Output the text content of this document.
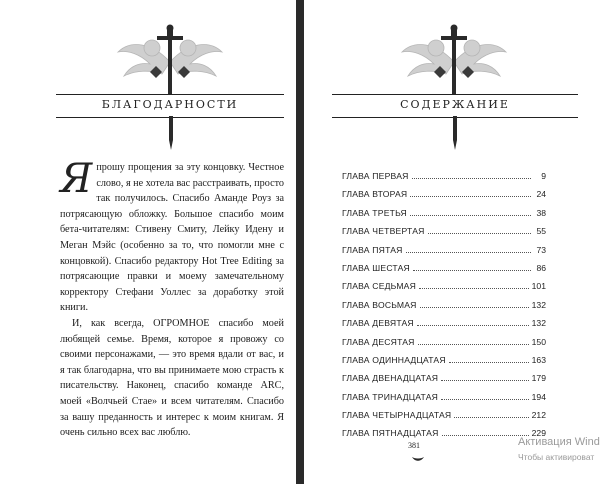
БЛАГОДАРНОСТИ

Япрошу прощения за эту концовку. Честное слово, я не хотела вас расстраивать, просто так получилось. Спасибо Аманде Роуз за потрясающую обложку. Большое спасибо моим бета-читателям: Стивену Смиту, Лейку Идену и Меган Мэйс (особенно за то, что помогли мне с концовкой). Спасибо редактору Hot Tree Editing за потрясающие правки и моему замечательному корректору Стефани Уоллес за доработку этой книги.

И, как всегда, ОГРОМНОЕ спасибо моей любящей семье. Время, которое я провожу со своими персонажами, — это время вдали от вас, и я так благодарна, что вы принимаете мою страсть к писательству. Наконец, спасибо команде ARC, моей «Волчьей Стае» и всем читателям. Спасибо за вашу преданность и интерес к моим книгам. Я очень сильно всех вас люблю.

СОДЕРЖАНИЕ
ГЛАВА ПЕРВАЯ	9
ГЛАВА ВТОРАЯ	24
ГЛАВА ТРЕТЬЯ	38
ГЛАВА ЧЕТВЕРТАЯ	55
ГЛАВА ПЯТАЯ	73
ГЛАВА ШЕСТАЯ	86
ГЛАВА СЕДЬМАЯ	101
ГЛАВА ВОСЬМАЯ	132
ГЛАВА ДЕВЯТАЯ	132
ГЛАВА ДЕСЯТАЯ	150
ГЛАВА ОДИННАДЦАТАЯ	163
ГЛАВА ДВЕНАДЦАТАЯ	179
ГЛАВА ТРИНАДЦАТАЯ	194
ГЛАВА ЧЕТЫРНАДЦАТАЯ	212
ГЛАВА ПЯТНАДЦАТАЯ	229
381	Активация Wind
Чтобы активироват
